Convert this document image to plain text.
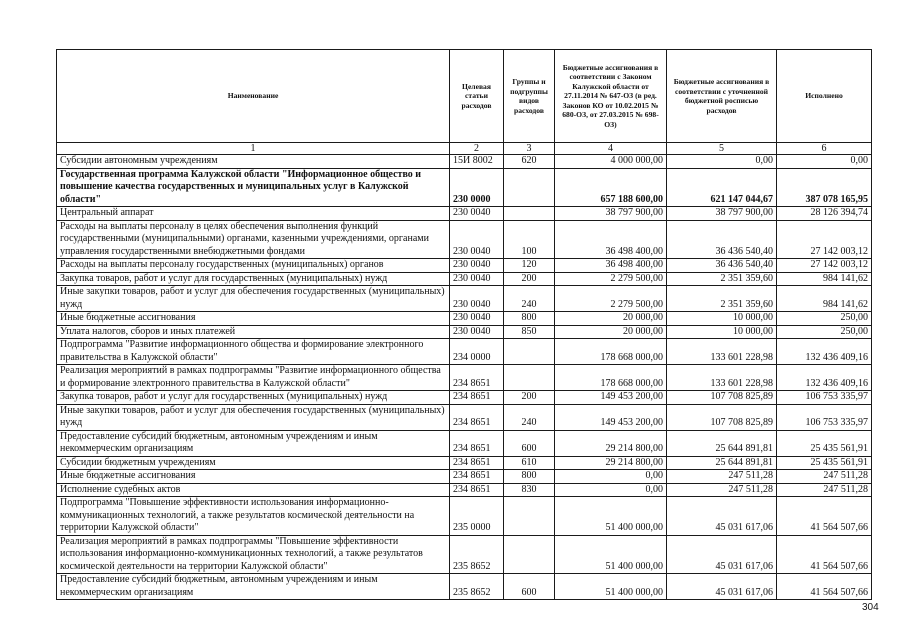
Наименование	Целевая статьи расходов	Группы и подгруппы видов расходов	Бюджетные ассигнования в соответствии с Законом Калужской области от 27.11.2014 № 647-ОЗ (в ред. Законов КО от 10.02.2015 № 680-ОЗ, от 27.03.2015 № 698-ОЗ)	Бюджетные ассигнования в соответствии с уточненной бюджетной росписью расходов	Исполнено
1	2	3	4	5	6
Субсидии автономным учреждениям	15И 8002	620	4 000 000,00	0,00	0,00
Государственная программа Калужской области "Информационное общество и повышение качества государственных и муниципальных услуг в Калужской области"	230 0000		657 188 600,00	621 147 044,67	387 078 165,95
Центральный аппарат	230 0040		38 797 900,00	38 797 900,00	28 126 394,74
Расходы на выплаты персоналу в целях обеспечения выполнения функций государственными (муниципальными) органами, казенными учреждениями, органами управления государственными внебюджетными фондами	230 0040	100	36 498 400,00	36 436 540,40	27 142 003,12
Расходы на выплаты персоналу государственных (муниципальных) органов	230 0040	120	36 498 400,00	36 436 540,40	27 142 003,12
Закупка товаров, работ и услуг для государственных (муниципальных) нужд	230 0040	200	2 279 500,00	2 351 359,60	984 141,62
Иные закупки товаров, работ и услуг для обеспечения государственных (муниципальных) нужд	230 0040	240	2 279 500,00	2 351 359,60	984 141,62
Иные бюджетные ассигнования	230 0040	800	20 000,00	10 000,00	250,00
Уплата налогов, сборов и иных платежей	230 0040	850	20 000,00	10 000,00	250,00
Подпрограмма "Развитие информационного общества и формирование электронного правительства в Калужской области"	234 0000		178 668 000,00	133 601 228,98	132 436 409,16
Реализация мероприятий в рамках подпрограммы "Развитие информационного общества и формирование электронного правительства в Калужской области"	234 8651		178 668 000,00	133 601 228,98	132 436 409,16
Закупка товаров, работ и услуг для государственных (муниципальных) нужд	234 8651	200	149 453 200,00	107 708 825,89	106 753 335,97
Иные закупки товаров, работ и услуг для обеспечения государственных (муниципальных) нужд	234 8651	240	149 453 200,00	107 708 825,89	106 753 335,97
Предоставление субсидий бюджетным, автономным учреждениям и иным некоммерческим организациям	234 8651	600	29 214 800,00	25 644 891,81	25 435 561,91
Субсидии бюджетным учреждениям	234 8651	610	29 214 800,00	25 644 891,81	25 435 561,91
Иные бюджетные ассигнования	234 8651	800	0,00	247 511,28	247 511,28
Исполнение судебных актов	234 8651	830	0,00	247 511,28	247 511,28
Подпрограмма "Повышение эффективности использования информационно-коммуникационных технологий, а также результатов космической деятельности на территории Калужской области"	235 0000		51 400 000,00	45 031 617,06	41 564 507,66
Реализация мероприятий в рамках подпрограммы "Повышение эффективности использования информационно-коммуникационных технологий, а также результатов космической деятельности на территории Калужской области"	235 8652		51 400 000,00	45 031 617,06	41 564 507,66
Предоставление субсидий бюджетным, автономным учреждениям и иным некоммерческим организациям	235 8652	600	51 400 000,00	45 031 617,06	41 564 507,66
304
